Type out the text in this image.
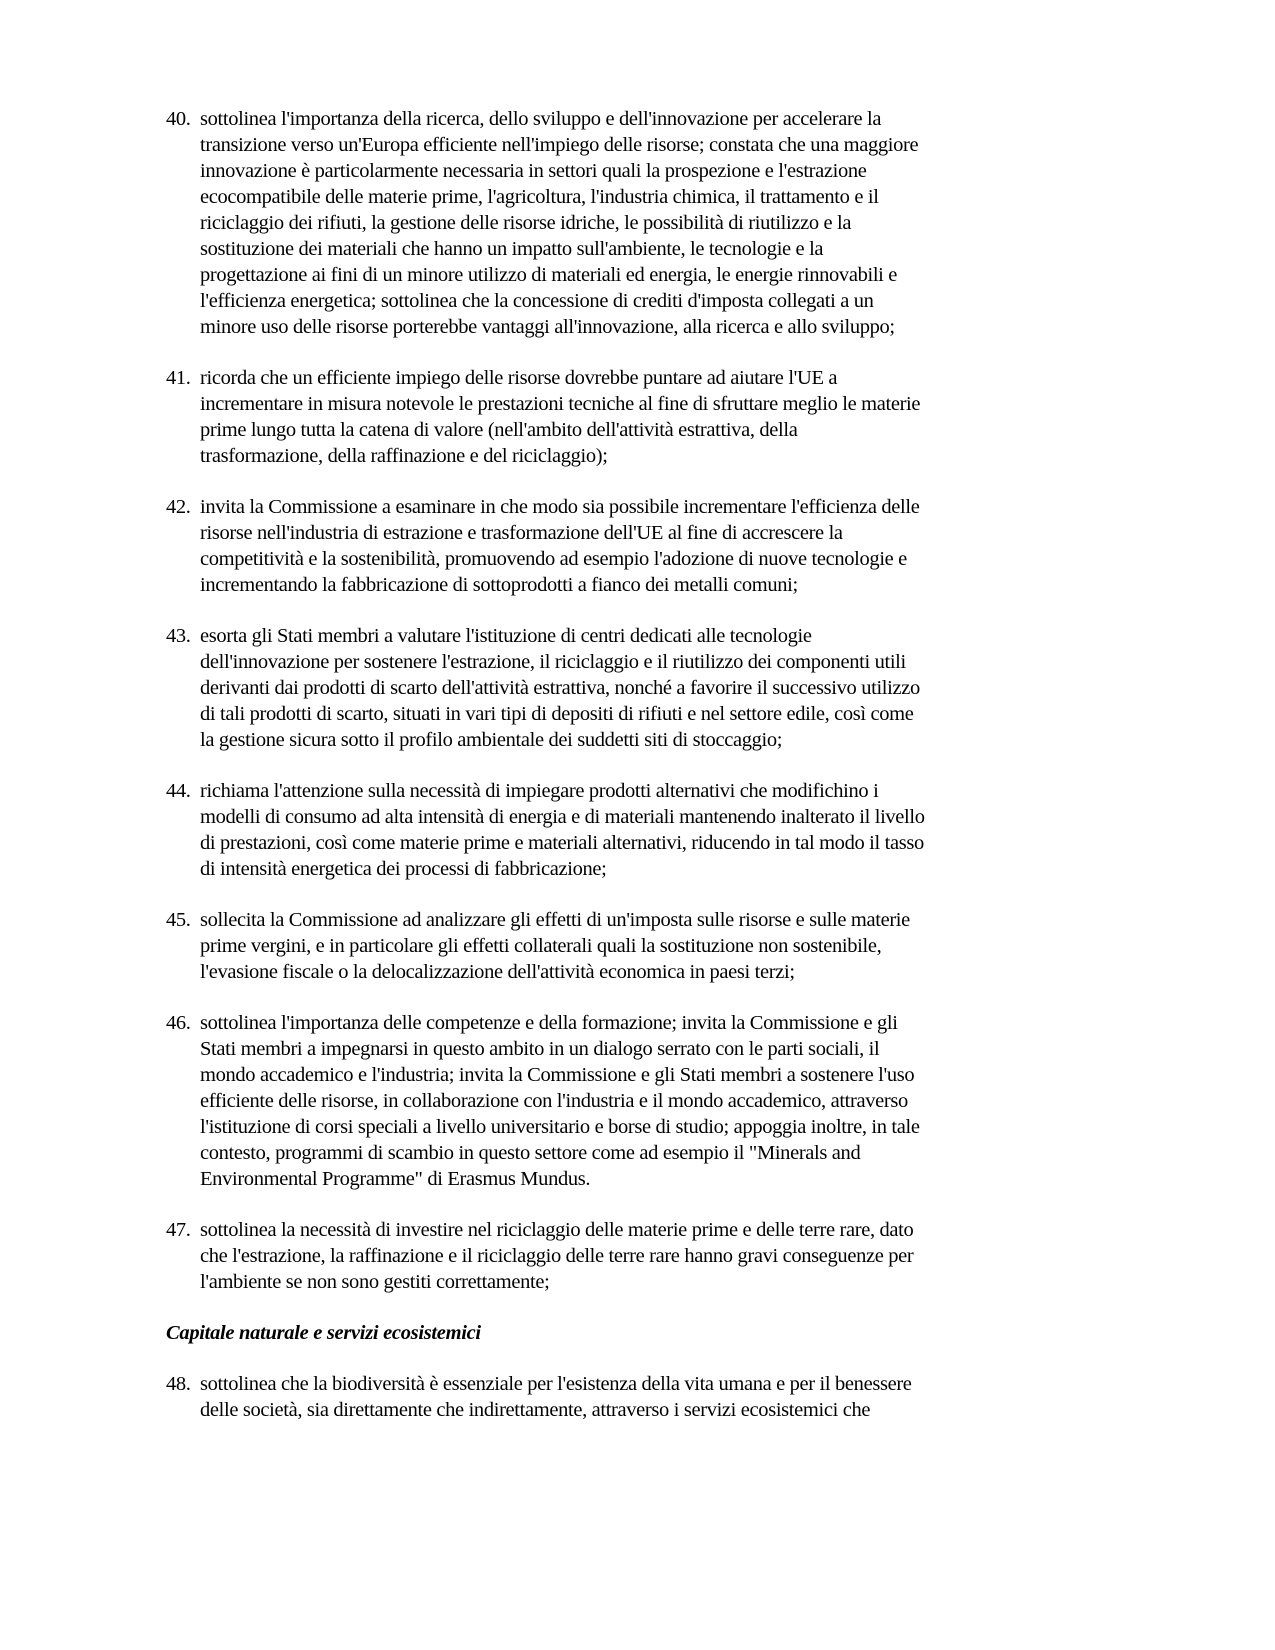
40. sottolinea l'importanza della ricerca, dello sviluppo e dell'innovazione per accelerare la
transizione verso un'Europa efficiente nell'impiego delle risorse; constata che una maggiore
innovazione è particolarmente necessaria in settori quali la prospezione e l'estrazione
ecocompatibile delle materie prime, l'agricoltura, l'industria chimica, il trattamento e il
riciclaggio dei rifiuti, la gestione delle risorse idriche, le possibilità di riutilizzo e la
sostituzione dei materiali che hanno un impatto sull'ambiente, le tecnologie e la
progettazione ai fini di un minore utilizzo di materiali ed energia, le energie rinnovabili e
l'efficienza energetica; sottolinea che la concessione di crediti d'imposta collegati a un
minore uso delle risorse porterebbe vantaggi all'innovazione, alla ricerca e allo sviluppo;
41. ricorda che un efficiente impiego delle risorse dovrebbe puntare ad aiutare l'UE a
incrementare in misura notevole le prestazioni tecniche al fine di sfruttare meglio le materie
prime lungo tutta la catena di valore (nell'ambito dell'attività estrattiva, della
trasformazione, della raffinazione e del riciclaggio);
42. invita la Commissione a esaminare in che modo sia possibile incrementare l'efficienza delle
risorse nell'industria di estrazione e trasformazione dell'UE al fine di accrescere la
competitività e la sostenibilità, promuovendo ad esempio l'adozione di nuove tecnologie e
incrementando la fabbricazione di sottoprodotti a fianco dei metalli comuni;
43. esorta gli Stati membri a valutare l'istituzione di centri dedicati alle tecnologie
dell'innovazione per sostenere l'estrazione, il riciclaggio e il riutilizzo dei componenti utili
derivanti dai prodotti di scarto dell'attività estrattiva, nonché a favorire il successivo utilizzo
di tali prodotti di scarto, situati in vari tipi di depositi di rifiuti e nel settore edile, così come
la gestione sicura sotto il profilo ambientale dei suddetti siti di stoccaggio;
44. richiama l'attenzione sulla necessità di impiegare prodotti alternativi che modifichino i
modelli di consumo ad alta intensità di energia e di materiali mantenendo inalterato il livello
di prestazioni, così come materie prime e materiali alternativi, riducendo in tal modo il tasso
di intensità energetica dei processi di fabbricazione;
45. sollecita la Commissione ad analizzare gli effetti di un'imposta sulle risorse e sulle materie
prime vergini, e in particolare gli effetti collaterali quali la sostituzione non sostenibile,
l'evasione fiscale o la delocalizzazione dell'attività economica in paesi terzi;
46. sottolinea l'importanza delle competenze e della formazione; invita la Commissione e gli
Stati membri a impegnarsi in questo ambito in un dialogo serrato con le parti sociali, il
mondo accademico e l'industria; invita la Commissione e gli Stati membri a sostenere l'uso
efficiente delle risorse, in collaborazione con l'industria e il mondo accademico, attraverso
l'istituzione di corsi speciali a livello universitario e borse di studio; appoggia inoltre, in tale
contesto, programmi di scambio in questo settore come ad esempio il "Minerals and
Environmental Programme" di Erasmus Mundus.
47. sottolinea la necessità di investire nel riciclaggio delle materie prime e delle terre rare, dato
che l'estrazione, la raffinazione e il riciclaggio delle terre rare hanno gravi conseguenze per
l'ambiente se non sono gestiti correttamente;
Capitale naturale e servizi ecosistemici
48. sottolinea che la biodiversità è essenziale per l'esistenza della vita umana e per il benessere
delle società, sia direttamente che indirettamente, attraverso i servizi ecosistemici che
